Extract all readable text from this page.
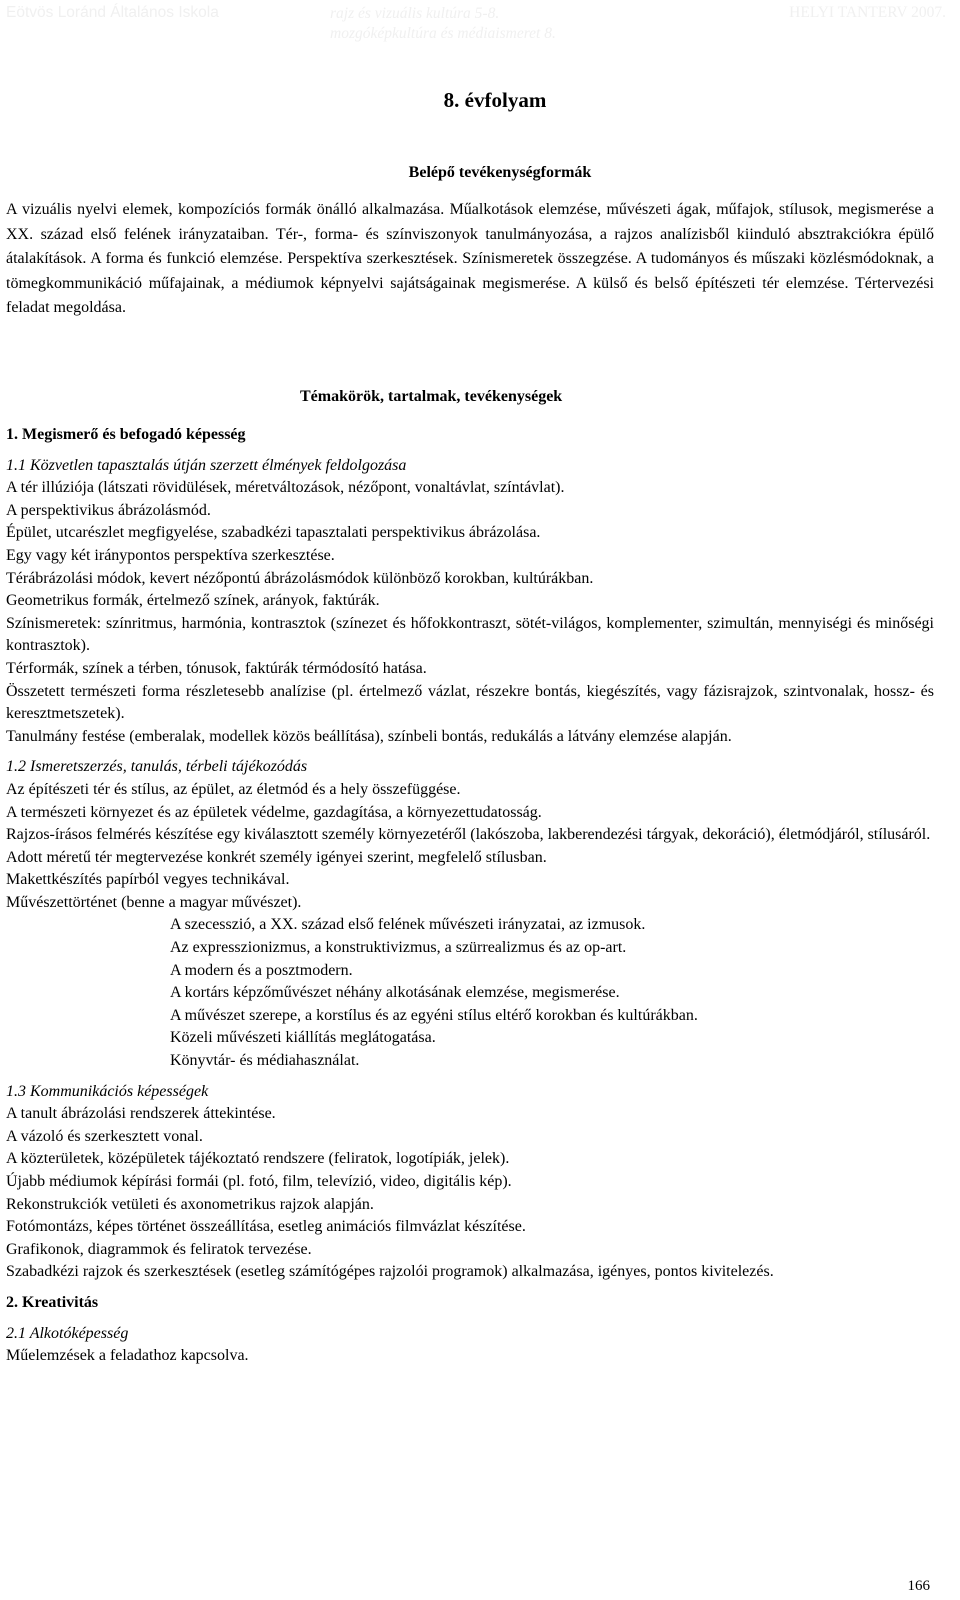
Eötvös Loránd Általános Iskola	rajz és vizuális kultúra 5-8.
mozgóképkultúra és médiaismeret 8.
HELYI TANTERV 2007.
8. évfolyam
Belépő tevékenységformák
A vizuális nyelvi elemek, kompozíciós formák önálló alkalmazása. Műalkotások elemzése, művészeti ágak, műfajok, stílusok, megismerése a XX. század első felének irányzataiban. Tér-, forma- és színviszonyok tanulmányozása, a rajzos analízisből kiinduló absztrakciókra épülő átalakítások. A forma és funkció elemzése. Perspektíva szerkesztések. Színismeretek összegzése. A tudományos és műszaki közlésmódoknak, a tömegkommunikáció műfajainak, a médiumok képnyelvi sajátságainak megismerése. A külső és belső építészeti tér elemzése. Tértervezési feladat megoldása.
Témakörök, tartalmak, tevékenységek

1. Megismerő és befogadó képesség

1.1 Közvetlen tapasztalás útján szerzett élmények feldolgozása

A tér illúziója (látszati rövidülések, méretváltozások, nézőpont, vonaltávlat, színtávlat).

A perspektivikus ábrázolásmód.

Épület, utcarészlet megfigyelése, szabadkézi tapasztalati perspektivikus ábrázolása.

Egy vagy két iránypontos perspektíva szerkesztése.

Térábrázolási módok, kevert nézőpontú ábrázolásmódok különböző korokban, kultúrákban.

Geometrikus formák, értelmező színek, arányok, faktúrák.

Színismeretek: színritmus, harmónia, kontrasztok (színezet és hőfokkontraszt, sötét-világos, komplementer, szimultán, mennyiségi és minőségi kontrasztok).

Térformák, színek a térben, tónusok, faktúrák térmódosító hatása.

Összetett természeti forma részletesebb analízise (pl. értelmező vázlat, részekre bontás, kiegészítés, vagy fázisrajzok, szintvonalak, hossz- és keresztmetszetek).

Tanulmány festése (emberalak, modellek közös beállítása), színbeli bontás, redukálás a látvány elemzése alapján.

1.2 Ismeretszerzés, tanulás, térbeli tájékozódás

Az építészeti tér és stílus, az épület, az életmód és a hely összefüggése.

A természeti környezet és az épületek védelme, gazdagítása, a környezettudatosság.

Rajzos-írásos felmérés készítése egy kiválasztott személy környezetéről (lakószoba, lakberendezési tárgyak, dekoráció), életmódjáról, stílusáról.

Adott méretű tér megtervezése konkrét személy igényei szerint, megfelelő stílusban.

Makettkészítés papírból vegyes technikával.

Művészettörténet (benne a magyar művészet).

A szecesszió, a XX. század első felének művészeti irányzatai, az izmusok.

Az expresszionizmus, a konstruktivizmus, a szürrealizmus és az op-art.

A modern és a posztmodern.

A kortárs képzőművészet néhány alkotásának elemzése, megismerése.

A művészet szerepe, a korstílus és az egyéni stílus eltérő korokban és kultúrákban.

Közeli művészeti kiállítás meglátogatása.

Könyvtár- és médiahasználat.

1.3 Kommunikációs képességek

A tanult ábrázolási rendszerek áttekintése.

A vázoló és szerkesztett vonal.

A közterületek, középületek tájékoztató rendszere (feliratok, logotípiák, jelek).

Újabb médiumok képírási formái (pl. fotó, film, televízió, video, digitális kép).

Rekonstrukciók vetületi és axonometrikus rajzok alapján.

Fotómontázs, képes történet összeállítása, esetleg animációs filmvázlat készítése.

Grafikonok, diagrammok és feliratok tervezése.

Szabadkézi rajzok és szerkesztések (esetleg számítógépes rajzolói programok) alkalmazása, igényes, pontos kivitelezés.

2. Kreativitás

2.1 Alkotóképesség

Műelemzések a feladathoz kapcsolva.

166
